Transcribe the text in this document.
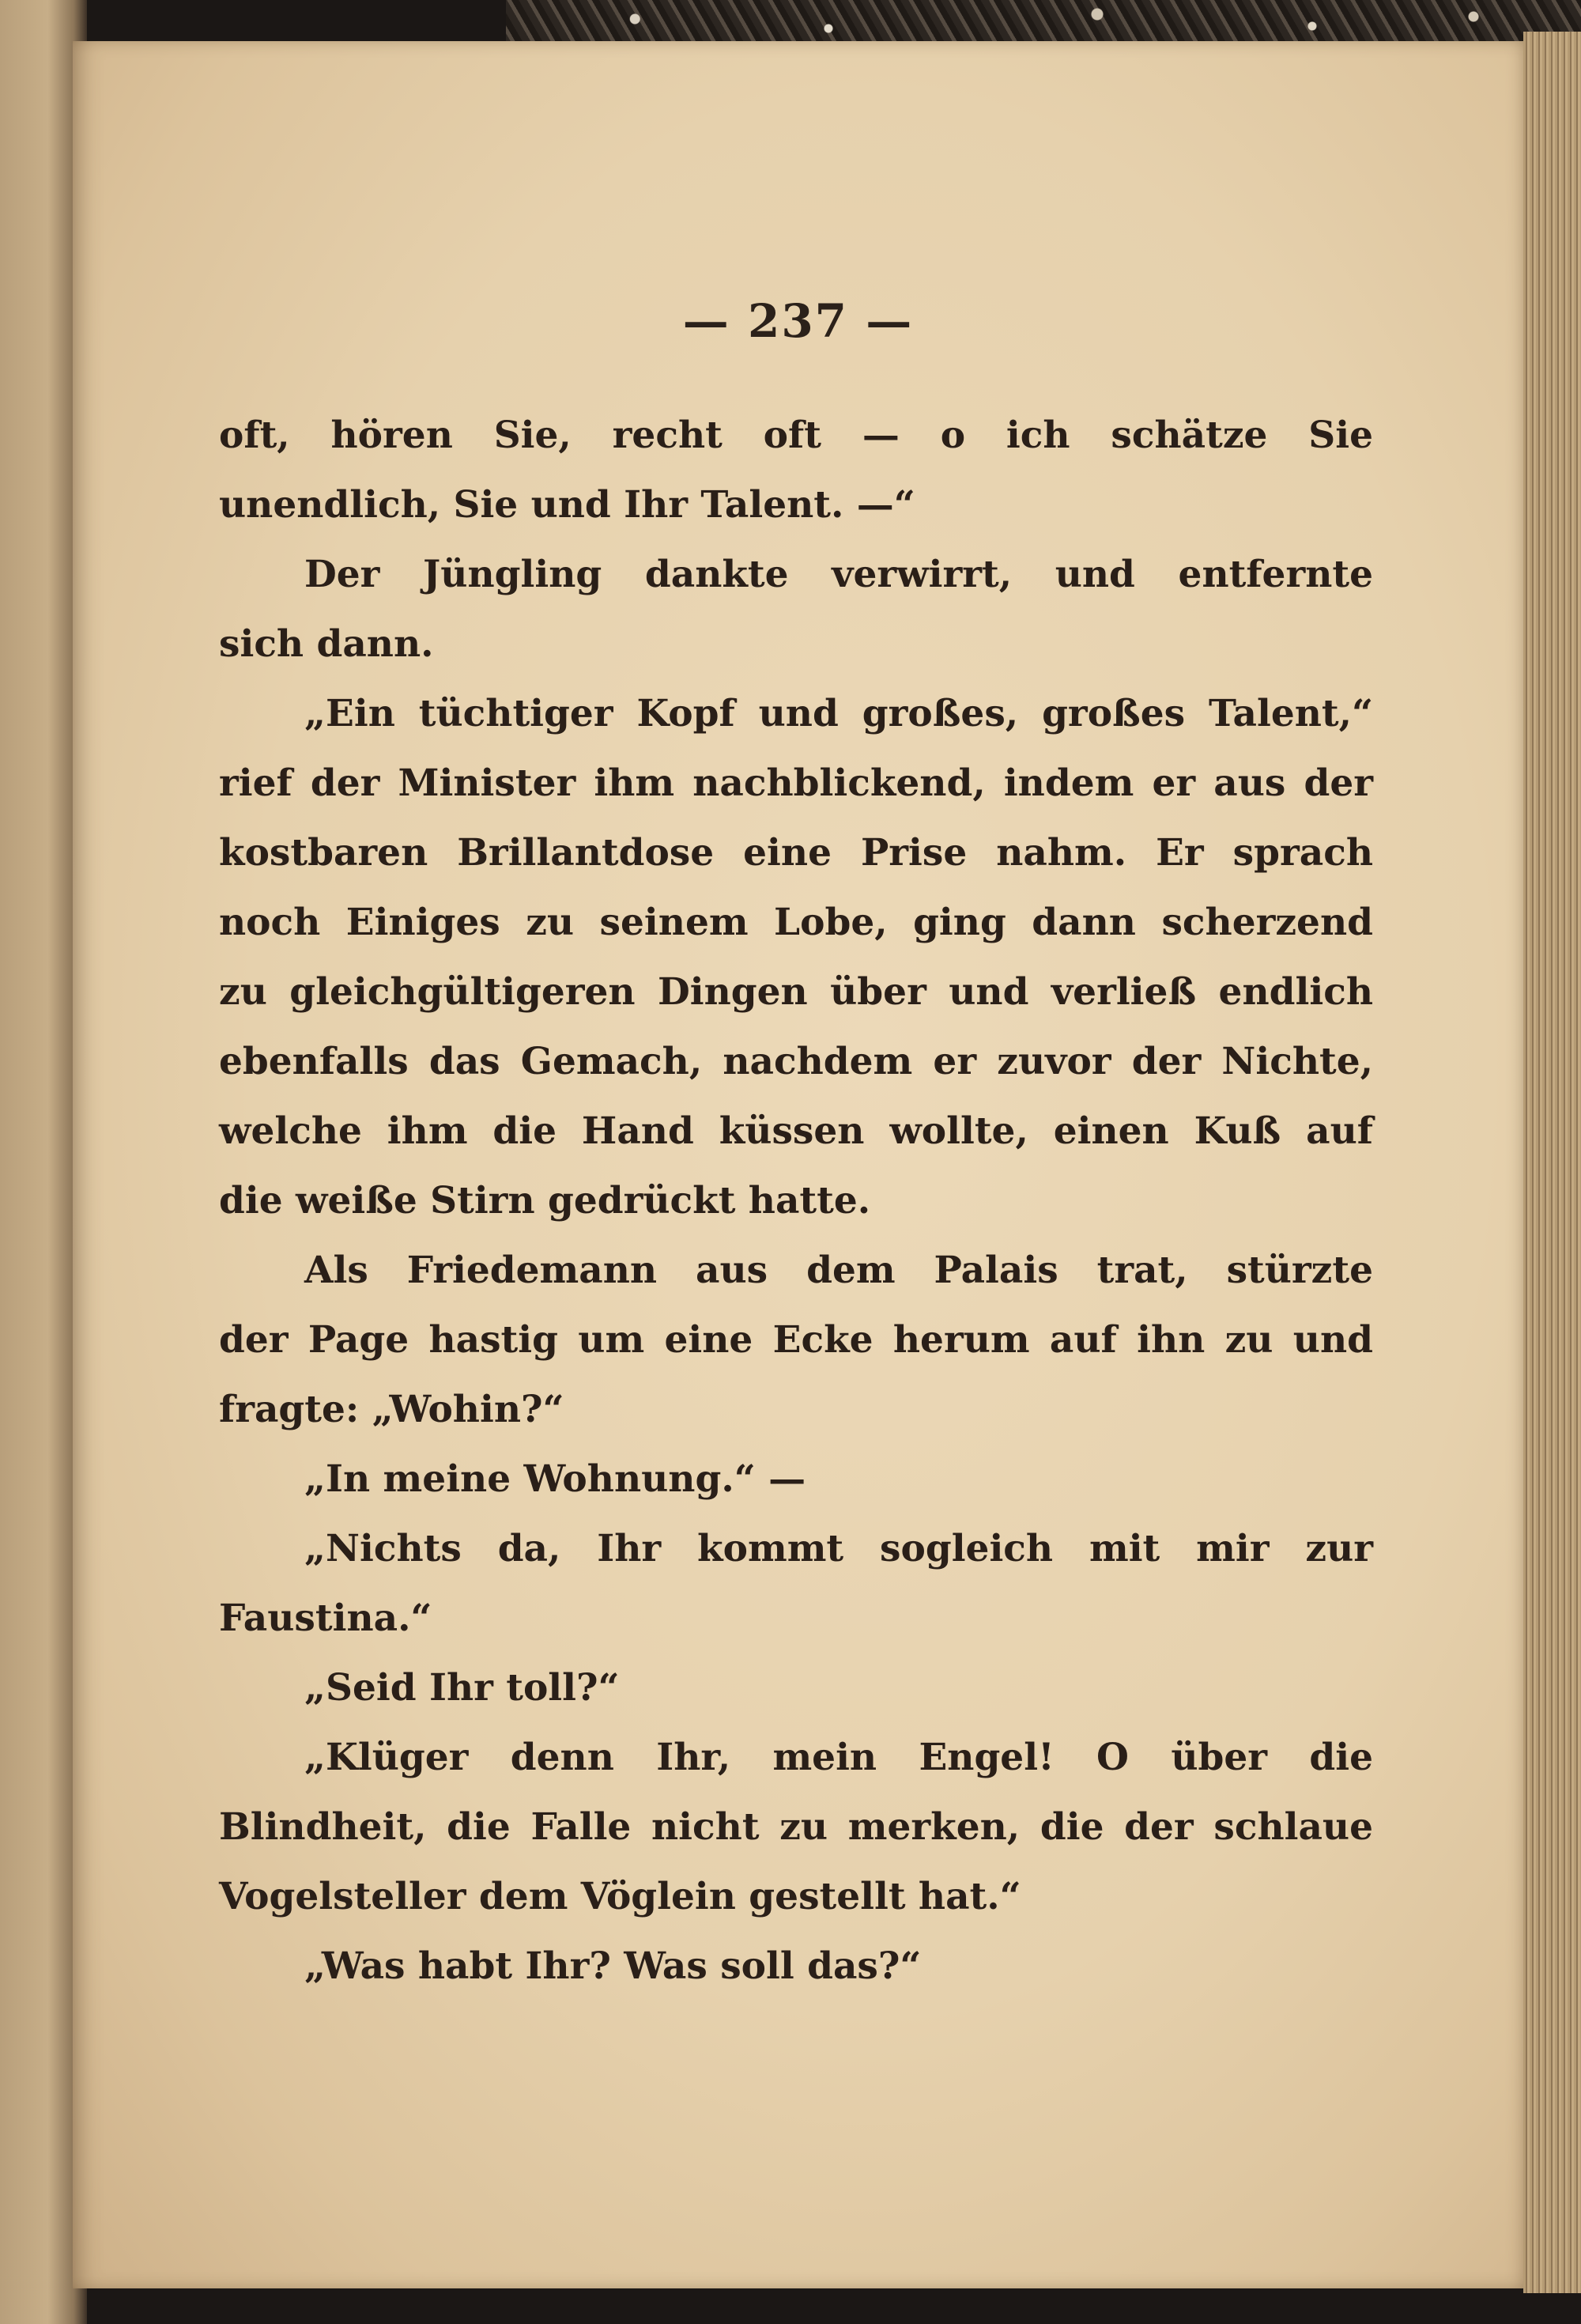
— 237 —
oft, hören Sie, recht oft — o ich schätze Sie
unendlich, Sie und Ihr Talent. —“
Der Jüngling dankte verwirrt, und entfernte
sich dann.
„Ein tüchtiger Kopf und großes, großes Talent,“
rief der Minister ihm nachblickend, indem er aus der
kostbaren Brillantdose eine Prise nahm. Er sprach
noch Einiges zu seinem Lobe, ging dann scherzend
zu gleichgültigeren Dingen über und verließ endlich
ebenfalls das Gemach, nachdem er zuvor der Nichte,
welche ihm die Hand küssen wollte, einen Kuß auf
die weiße Stirn gedrückt hatte.
Als Friedemann aus dem Palais trat, stürzte
der Page hastig um eine Ecke herum auf ihn zu und
fragte: „Wohin?“
„In meine Wohnung.“ —
„Nichts da, Ihr kommt sogleich mit mir zur
Faustina.“
„Seid Ihr toll?“
„Klüger denn Ihr, mein Engel! O über die
Blindheit, die Falle nicht zu merken, die der schlaue
Vogelsteller dem Vöglein gestellt hat.“
„Was habt Ihr? Was soll das?“
